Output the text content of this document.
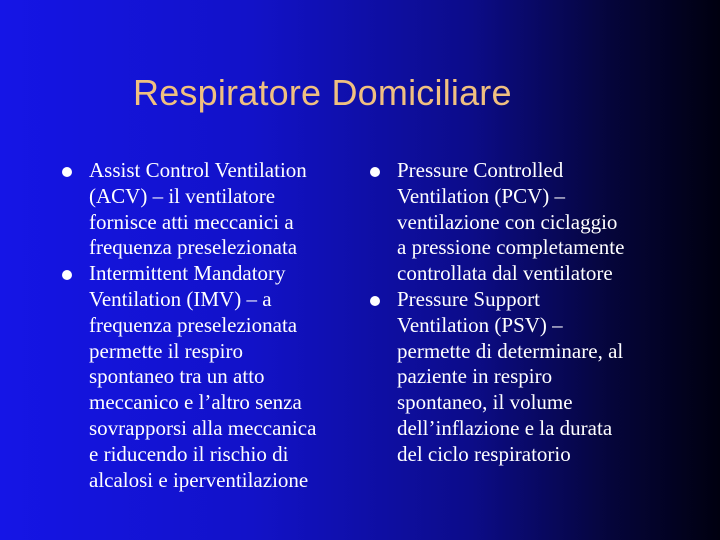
Respiratore Domiciliare
Assist Control Ventilation
(ACV) – il ventilatore
fornisce atti meccanici a
frequenza preselezionata
Intermittent Mandatory
Ventilation (IMV) – a
frequenza preselezionata
permette il respiro
spontaneo tra un atto
meccanico e l’altro senza
sovrapporsi alla meccanica
e riducendo il rischio di
alcalosi e iperventilazione
Pressure Controlled
Ventilation (PCV) –
ventilazione con ciclaggio
a pressione completamente
controllata dal ventilatore
Pressure Support
Ventilation (PSV) –
permette di determinare, al
paziente in respiro
spontaneo, il volume
dell’inflazione e la durata
del ciclo respiratorio
